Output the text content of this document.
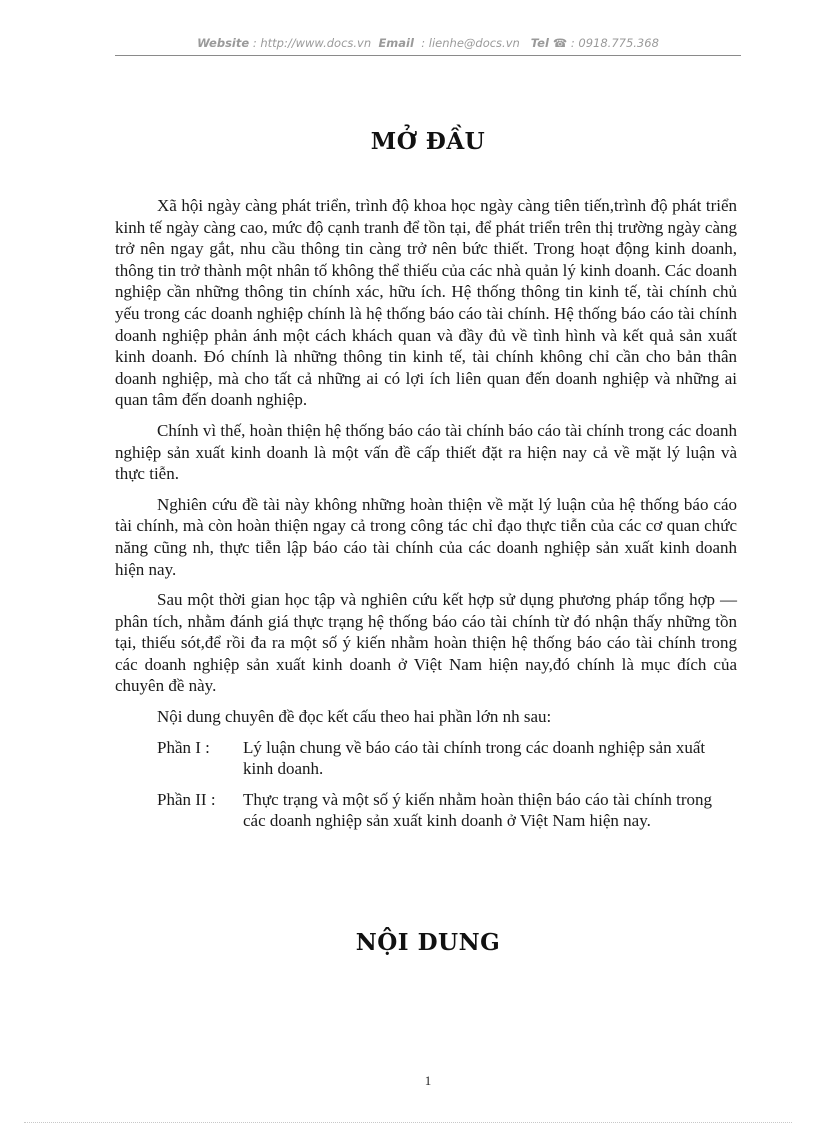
Website : http://www.docs.vn Email : lienhe@docs.vn Tel ☎ : 0918.775.368
MỞ ĐẦU

Xã hội ngày càng phát triển, trình độ khoa học ngày càng tiên tiến,trình độ phát triển kinh tế ngày càng cao, mức độ cạnh tranh để tồn tại, để phát triển trên thị trường ngày càng trở nên ngay gắt, nhu cầu thông tin càng trở nên bức thiết. Trong hoạt động kinh doanh, thông tin trở thành một nhân tố không thể thiếu của các nhà quản lý kinh doanh. Các doanh nghiệp cần những thông tin chính xác, hữu ích. Hệ thống thông tin kinh tế, tài chính chủ yếu trong các doanh nghiệp chính là hệ thống báo cáo tài chính. Hệ thống báo cáo tài chính doanh nghiệp phản ánh một cách khách quan và đầy đủ về tình hình và kết quả sản xuất kinh doanh. Đó chính là những thông tin kinh tế, tài chính không chỉ cần cho bản thân doanh nghiệp, mà cho tất cả những ai có lợi ích liên quan đến doanh nghiệp và những ai quan tâm đến doanh nghiệp.

Chính vì thế, hoàn thiện hệ thống báo cáo tài chính báo cáo tài chính trong các doanh nghiệp sản xuất kinh doanh là một vấn đề cấp thiết đặt ra hiện nay cả về mặt lý luận và thực tiễn.

Nghiên cứu đề tài này không những hoàn thiện về mặt lý luận của hệ thống báo cáo tài chính, mà còn hoàn thiện ngay cả trong công tác chỉ đạo thực tiễn của các cơ quan chức năng cũng nh, thực tiễn lập báo cáo tài chính của các doanh nghiệp sản xuất kinh doanh hiện nay.

Sau một thời gian học tập và nghiên cứu kết hợp sử dụng phương pháp tổng hợp — phân tích, nhằm đánh giá thực trạng hệ thống báo cáo tài chính từ đó nhận thấy những tồn tại, thiếu sót,để rồi đa ra một số ý kiến nhằm hoàn thiện hệ thống báo cáo tài chính trong các doanh nghiệp sản xuất kinh doanh ở Việt Nam hiện nay,đó chính là mục đích của chuyên đề này.

Nội dung chuyên đề đọc kết cấu theo hai phần lớn nh sau:

Phần I :	Lý luận chung về báo cáo tài chính trong các doanh nghiệp sản xuất kinh doanh.
Phần II :	Thực trạng và một số ý kiến nhằm hoàn thiện báo cáo tài chính trong các doanh nghiệp sản xuất kinh doanh ở Việt Nam hiện nay.
NỘI DUNG
1
